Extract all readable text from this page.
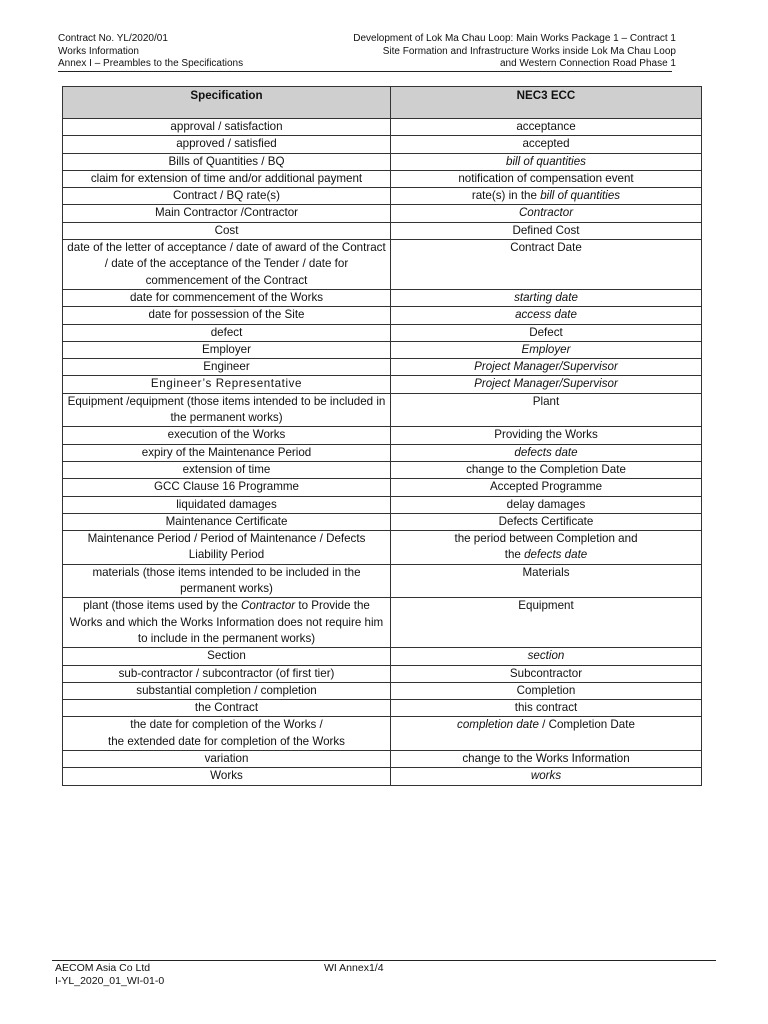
Contract No. YL/2020/01
Works Information
Annex I – Preambles to the Specifications
Development of Lok Ma Chau Loop: Main Works Package 1 – Contract 1
Site Formation and Infrastructure Works inside Lok Ma Chau Loop
and Western Connection Road Phase 1
Specification	NEC3 ECC
approval / satisfaction	acceptance
approved / satisfied	accepted
Bills of Quantities / BQ	bill of quantities
claim for extension of time and/or additional payment	notification of compensation event
Contract / BQ rate(s)	rate(s) in the bill of quantities
Main Contractor /Contractor	Contractor
Cost	Defined Cost
date of the letter of acceptance / date of award of the Contract / date of the acceptance of the Tender / date for commencement of the Contract	Contract Date
date for commencement of the Works	starting date
date for possession of the Site	access date
defect	Defect
Employer	Employer
Engineer	Project Manager/Supervisor
Engineer’s Representative	Project Manager/Supervisor
Equipment /equipment (those items intended to be included in the permanent works)	Plant
execution of the Works	Providing the Works
expiry of the Maintenance Period	defects date
extension of time	change to the Completion Date
GCC Clause 16 Programme	Accepted Programme
liquidated damages	delay damages
Maintenance Certificate	Defects Certificate
Maintenance Period / Period of Maintenance / Defects Liability Period	the period between Completion and
the defects date

materials (those items intended to be included in the permanent works)	Materials
plant (those items used by the Contractor to Provide the Works and which the Works Information does not require him to include in the permanent works)	Equipment
Section	section
sub-contractor / subcontractor (of first tier)	Subcontractor
substantial completion / completion	Completion
the Contract	this contract

the date for completion of the Works /
the extended date for completion of the Works	completion date / Completion Date
variation	change to the Works Information
Works	works
AECOM Asia Co Ltd
I-YL_2020_01_WI-01-0
WI Annex1/4
